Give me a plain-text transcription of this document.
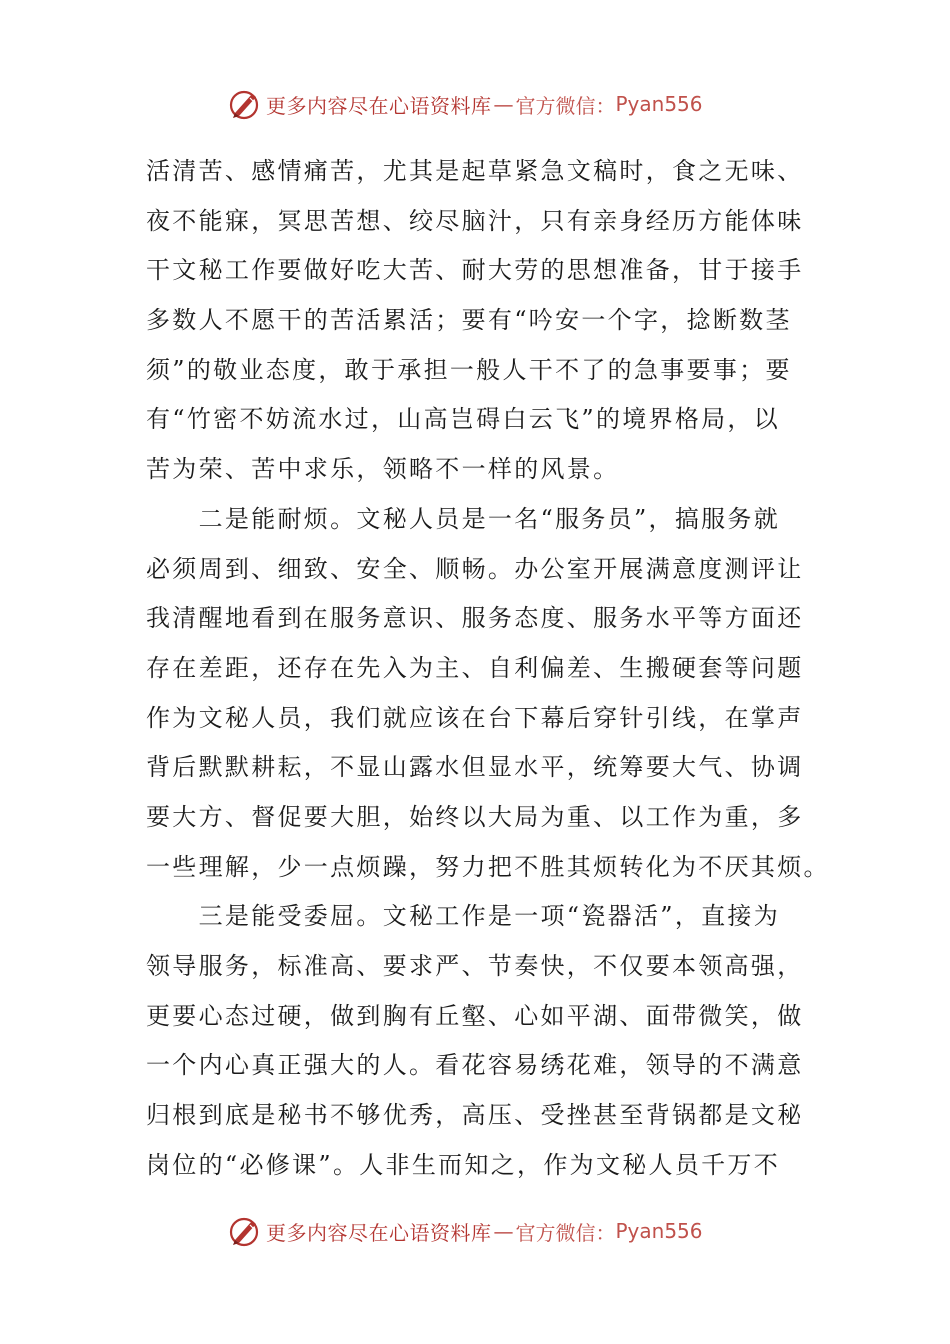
更多内容尽在心语资料库 — 官方微信： Pyan556
活清苦、感情痛苦，尤其是起草紧急文稿时，食之无味、
夜不能寐，冥思苦想、绞尽脑汁，只有亲身经历方能体味
干文秘工作要做好吃大苦、耐大劳的思想准备，甘于接手
多数人不愿干的苦活累活；要有“吟安一个字，捻断数茎
须”的敬业态度，敢于承担一般人干不了的急事要事；要
有“竹密不妨流水过，山高岂碍白云飞”的境界格局，以
苦为荣、苦中求乐，领略不一样的风景。
　　二是能耐烦。文秘人员是一名“服务员”，搞服务就
必须周到、细致、安全、顺畅。办公室开展满意度测评让
我清醒地看到在服务意识、服务态度、服务水平等方面还
存在差距，还存在先入为主、自利偏差、生搬硬套等问题
作为文秘人员，我们就应该在台下幕后穿针引线，在掌声
背后默默耕耘，不显山露水但显水平，统筹要大气、协调
要大方、督促要大胆，始终以大局为重、以工作为重，多
一些理解，少一点烦躁，努力把不胜其烦转化为不厌其烦。
　　三是能受委屈。文秘工作是一项“瓷器活”，直接为
领导服务，标准高、要求严、节奏快，不仅要本领高强，
更要心态过硬，做到胸有丘壑、心如平湖、面带微笑，做
一个内心真正强大的人。看花容易绣花难，领导的不满意
归根到底是秘书不够优秀，高压、受挫甚至背锅都是文秘
岗位的“必修课”。人非生而知之，作为文秘人员千万不
更多内容尽在心语资料库 — 官方微信： Pyan556
